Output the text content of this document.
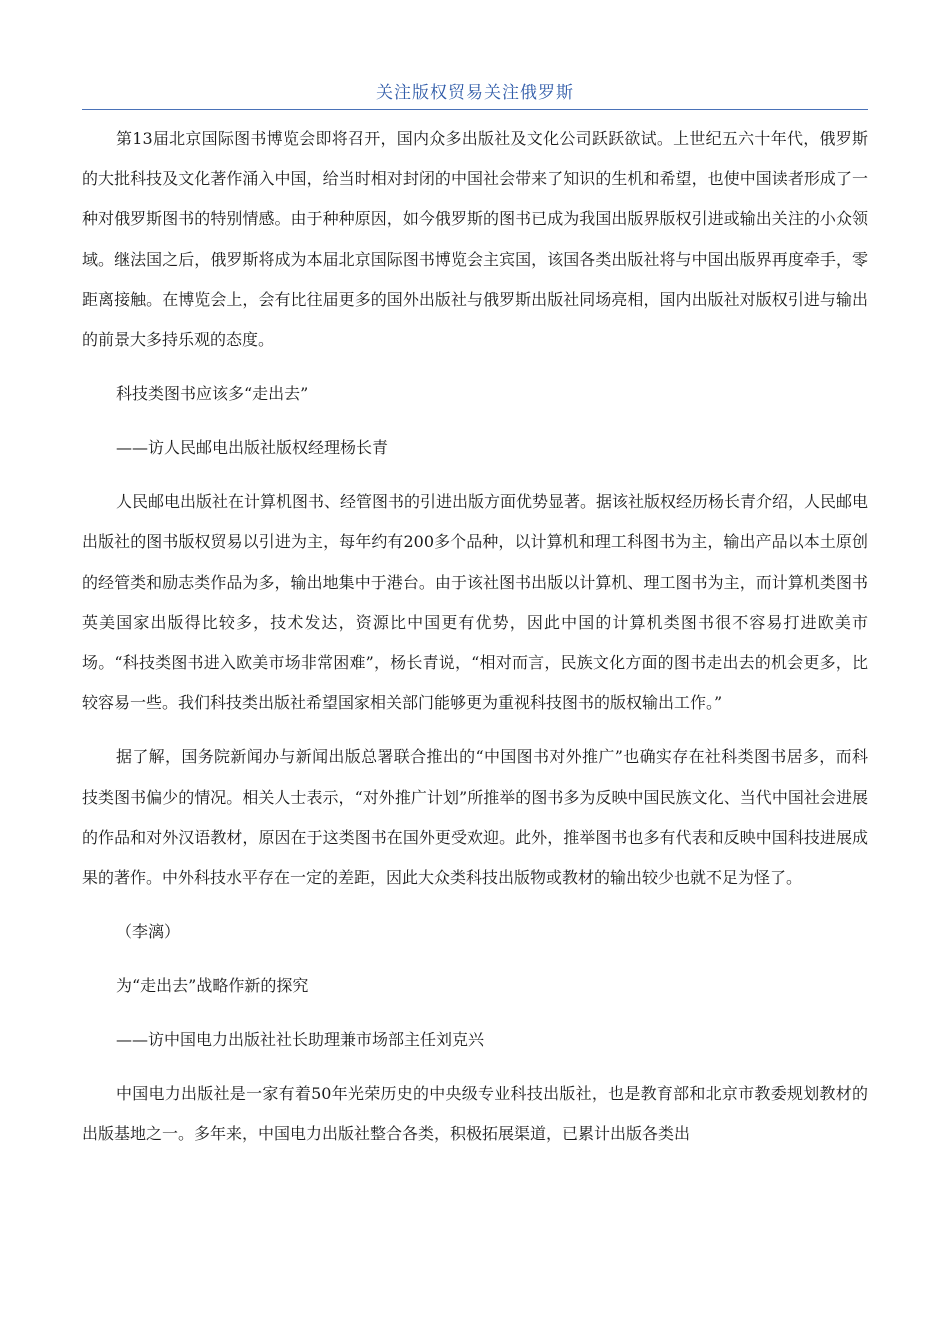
关注版权贸易关注俄罗斯

第13届北京国际图书博览会即将召开，国内众多出版社及文化公司跃跃欲试。上世纪五六十年代，俄罗斯的大批科技及文化著作涌入中国，给当时相对封闭的中国社会带来了知识的生机和希望，也使中国读者形成了一种对俄罗斯图书的特别情感。由于种种原因，如今俄罗斯的图书已成为我国出版界版权引进或输出关注的小众领域。继法国之后，俄罗斯将成为本届北京国际图书博览会主宾国，该国各类出版社将与中国出版界再度牵手，零距离接触。在博览会上，会有比往届更多的国外出版社与俄罗斯出版社同场亮相，国内出版社对版权引进与输出的前景大多持乐观的态度。

科技类图书应该多“走出去”

——访人民邮电出版社版权经理杨长青

人民邮电出版社在计算机图书、经管图书的引进出版方面优势显著。据该社版权经历杨长青介绍，人民邮电出版社的图书版权贸易以引进为主，每年约有200多个品种，以计算机和理工科图书为主，输出产品以本土原创的经管类和励志类作品为多，输出地集中于港台。由于该社图书出版以计算机、理工图书为主，而计算机类图书英美国家出版得比较多，技术发达，资源比中国更有优势，因此中国的计算机类图书很不容易打进欧美市场。“科技类图书进入欧美市场非常困难”，杨长青说，“相对而言，民族文化方面的图书走出去的机会更多，比较容易一些。我们科技类出版社希望国家相关部门能够更为重视科技图书的版权输出工作。”

据了解，国务院新闻办与新闻出版总署联合推出的“中国图书对外推广”也确实存在社科类图书居多，而科技类图书偏少的情况。相关人士表示，“对外推广计划”所推举的图书多为反映中国民族文化、当代中国社会进展的作品和对外汉语教材，原因在于这类图书在国外更受欢迎。此外，推举图书也多有代表和反映中国科技进展成果的著作。中外科技水平存在一定的差距，因此大众类科技出版物或教材的输出较少也就不足为怪了。

（李漓）

为“走出去”战略作新的探究

——访中国电力出版社社长助理兼市场部主任刘克兴

中国电力出版社是一家有着50年光荣历史的中央级专业科技出版社，也是教育部和北京市教委规划教材的出版基地之一。多年来，中国电力出版社整合各类，积极拓展渠道，已累计出版各类出
